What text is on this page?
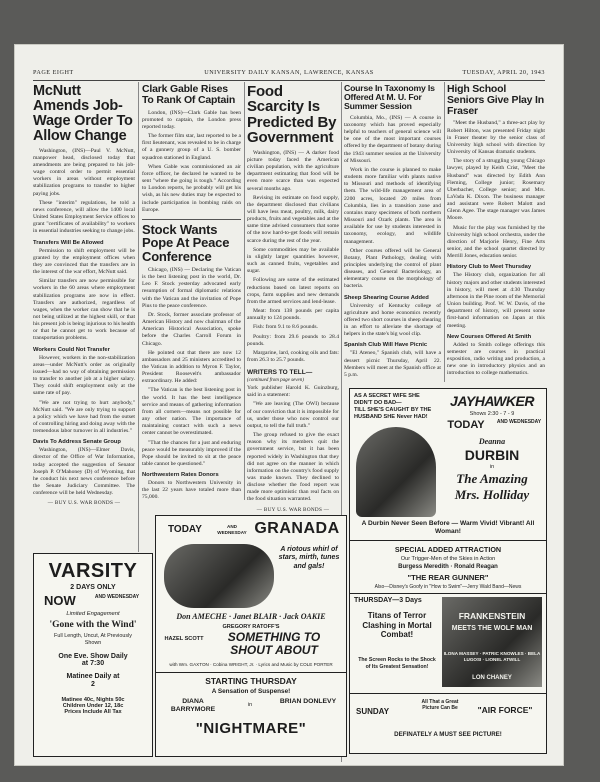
PAGE EIGHT	UNIVERSITY DAILY KANSAN, LAWRENCE, KANSAS	TUESDAY, APRIL 20, 1943
McNutt Amends Job-Wage Order To Allow Change

Washington, (INS)—Paul V. McNutt, manpower head, disclosed today that amendments are being prepared to his job-wage control order to permit essential workers in areas without employment stabilization programs to transfer to higher paying jobs.

These "interim" regulations, he told a news conference, will allow the 1400 local United States Employment Service offices to grant "certificates of availability" to workers in essential industries seeking to change jobs.

Transfers Will Be Allowed

Permission to shift employment will be granted by the employment offices when they are convinced that the transfers are in the interest of the war effort, McNutt said.

Similar transfers are now permissible for workers in the 60 areas where employment stabilization programs are now in effect. Transfers are authorized, regardless of wages, when the worker can show that he is not being utilized at the highest skill, or that his present job is being injurious to his health or that he cannot get to work because of transportation problems.

Workers Could Not Transfer

However, workers in the non-stabilization areas—under McNutt's order as originally issued—had no way of obtaining permission to transfer to another job at a higher salary. They could shift employment only at the same rate of pay.

"We are not trying to hurt anybody," McNutt said. "We are only trying to support a policy which we have had from the outset of controlling hiring and doing away with the tremendous labor turnover in all industries."

Davis To Address Senate Group

Washington, (INS)—Elmer Davis, director of the Office of War Information, today accepted the suggestion of Senator Joseph P. O'Mahoney (D) of Wyoming, that he conduct his next news conference before the Senate Judiciary Committee. The conference will be held Wednesday.

— BUY U.S. WAR BONDS —
Clark Gable Rises To Rank Of Captain

London, (INS)—Clark Gable has been promoted to captain, the London press reported today.

The former film star, last reported to be a first lieutenant, was revealed to be in charge of a gunnery group of a U. S. bomber squadron stationed in England.

When Gable was commissioned an air force officer, he declared he wanted to be sent "where the going is tough." According to London reports, he probably will get his wish, as his new duties may be expected to include participation in bombing raids on Europe.

Stock Wants Pope At Peace Conference

Chicago, (INS) — Declaring the Vatican is the best listening post in the world, Dr. Leo F. Stock yesterday advocated early resumption of formal diplomatic relations with the Vatican and the invitation of Pope Pius to the peace conference.

Dr. Stock, former associate professor of American History and now chairman of the American Historical Association, spoke before the Charles Carroll Forum in Chicago.

He pointed out that there are now 12 ambassadors and 25 ministers accredited to the Vatican in addition to Myron F. Taylor, President Roosevelt's ambassador extraordinary. He added:

"The Vatican is the best listening post in the world. It has the best intelligence service and means of gathering information from all corners—means not possible for any other nation. The importance of maintaining contact with such a news center cannot be overestimated.

"That the chances for a just and enduring peace would be measurably improved if the Pope should be invited to sit at the peace table cannot be questioned."

Northwestern Rates Donors

Donors to Northwestern University in the last 22 years have totaled more than 75,000.

Food Scarcity Is Predicted By Government

Washington, (INS) — A darker food picture today faced the American civilian population, with the agriculture department estimating that food will be even more scarce than was expected several months ago.

Revising its estimate on food supply, the department disclosed that civilians will have less meat, poultry, milk, dairy products, fruits and vegetables and at the same time advised consumers that some of the now hard-to-get foods will remain scarce during the rest of the year.

Some commodities may be available in slightly larger quantities however, such as canned fruits, vegetables and sugar.

Following are some of the estimated reductions based on latest reports on crops, farm supplies and new demands from the armed services and lend-lease.

Meat: from 138 pounds per capita annually to 124 pounds.

Fish: from 9.1 to 8.6 pounds.

Poultry: from 29.6 pounds to 28.4 pounds.

Margarine, lard, cooking oils and fats: from 26.3 to 25.7 pounds.

WRITERS TO TELL—
(continued from page seven)

York publisher Harold K. Guinzburg, said in a statement:

"We are leaving (The OWI) because of our conviction that it is impossible for us, under those who now control our output, to tell the full truth."

The group refused to give the exact reason why its members quit the government service, but it has been reported widely in Washington that they did not agree on the manner in which information on the country's food supply was made known. They declined to disclose whether the food report was made more optimistic than real facts on the food situation warranted.

— BUY U.S. WAR BONDS —
Course In Taxonomy Is Offered At M. U. For Summer Session

Columbia, Mo., (INS) — A course in taxonomy which has proved especially helpful to teachers of general science will be one of the most important courses offered by the department of botany during the 1943 summer session at the University of Missouri.

Work in the course is planned to make students more familiar with plants native to Missouri and methods of identifying them. The wild-life management area of 2200 acres, located 20 miles from Columbia, lies in a transition zone and contains many specimens of both northern Missouri and Ozark plants. The area is available for use by students interested in taxonomy, ecology, and wildlife management.

Other courses offered will be General Botany, Plant Pathology, dealing with principles underlying the control of plant diseases, and General Bacteriology, an elementary course on the morphology of bacteria.

Sheep Shearing Course Added

University of Kentucky college of agriculture and home economics recently offered two short courses in sheep shearing in an effort to alleviate the shortage of helpers in the state's big wool clip.

Spanish Club Will Have Picnic

"El Ateneo," Spanish club, will have a dessert picnic Thursday, April 22. Members will meet at the Spanish office at 5 p.m.

High School Seniors Give Play In Fraser

"Meet the Husband," a three-act play by Robert Hilton, was presented Friday night in Fraser theater by the senior class of University high school with direction by University of Kansas dramatic students.

The story of a struggling young Chicago lawyer, played by Keith Crist, "Meet the Husband" was directed by Edith Ann Fleming, College junior; Rosemary Uberbacher, College senior; and Mrs. LaVada K. Dixon. The business manager and assistant were Robert Malott and Glenn Agee. The stage manager was James Moore.

Music for the play was furnished by the University high school orchestra, under the direction of Marjorie Henry, Fine Arts senior, and the school quartet directed by Merrill Jones, education senior.

History Club to Meet Thursday

The History club, organization for all history majors and other students interested in history, will meet at 4:30 Thursday afternoon in the Pine room of the Memorial Union building. Prof. W. W. Davis, of the department of history, will present some first-hand information on Japan at this meeting.

New Courses Offered At Smith

Added to Smith college offerings this semester are courses in practical exposition, radio writing and production, a new one in introductory physics and an introduction to college mathematics.

AS A SECRET WIFE SHE DIDN'T DO BAD—
TILL SHE'S CAUGHT BY THE HUSBAND SHE Never HAD!
JAYHAWKER
Shows 2:30 - 7 - 9
TODAY	AND WEDNESDAY
Deanna
DURBIN
in
The Amazing
Mrs. Holliday
A Durbin Never Seen Before — Warm Vivid! Vibrant! All Woman!
SPECIAL ADDED ATTRACTION
Our Trigger-Men of the Skies in Action
Burgess Meredith · Ronald Reagan
"THE REAR GUNNER"
Also—Disney's Goofy in "How to Swim"—Jerry Wald Band—News
THURSDAY—3 Days
Titans of Terror Clashing in Mortal Combat!
The Screen Rocks to the Shock of Its Greatest Sensation!
FRANKENSTEIN
MEETS THE WOLF MAN
ILONA MASSEY · PATRIC KNOWLES · BELA LUGOSI · LIONEL ATWILL
LON CHANEY
SUNDAY
All That a Great Picture Can Be	"AIR FORCE"
DEFINATELY A MUST SEE PICTURE!
VARSITY
2 DAYS ONLY
NOW	AND WEDNESDAY
Limited Engagement
'Gone with the Wind'
Full Length, Uncut, At Previously Shown
One Eve. Show Daily
at 7:30
Matinee Daily at 2
Matinee 40c, Nights 50c
Children Under 12, 18c
Prices Include All Tax
TODAY	AND WEDNESDAY GRANADA
A riotous whirl of stars, mirth, tunes and gals!
Don AMECHE · Janet BLAIR · Jack OAKIE
GREGORY RATOFF'S
SOMETHING TO SHOUT ABOUT
HAZEL SCOTT
with Wm. GAXTON · Cobina WRIGHT, Jr. · Lyrics and Music by COLE PORTER
STARTING THURSDAY
A Sensation of Suspense!
DIANA BARRYMORE
BRIAN DONLEVY
in
"NIGHTMARE"
